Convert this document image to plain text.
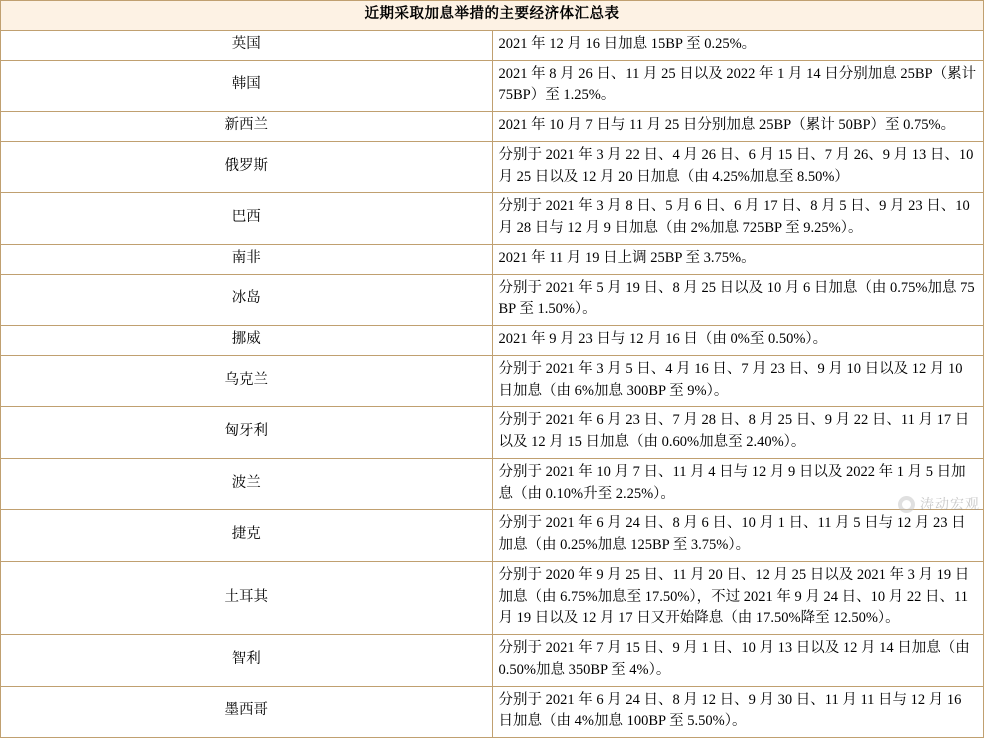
近期采取加息举措的主要经济体汇总表	
英国	2021 年 12 月 16 日加息 15BP 至 0.25%。
韩国	2021 年 8 月 26 日、11 月 25 日以及 2022 年 1 月 14 日分别加息 25BP（累计 75BP）至 1.25%。
新西兰	2021 年 10 月 7 日与 11 月 25 日分别加息 25BP（累计 50BP）至 0.75%。
俄罗斯	分别于 2021 年 3 月 22 日、4 月 26 日、6 月 15 日、7 月 26、9 月 13 日、10 月 25 日以及 12 月 20 日加息（由 4.25%加息至 8.50%）
巴西	分别于 2021 年 3 月 8 日、5 月 6 日、6 月 17 日、8 月 5 日、9 月 23 日、10 月 28 日与 12 月 9 日加息（由 2%加息 725BP 至 9.25%）。
南非	2021 年 11 月 19 日上调 25BP 至 3.75%。
冰岛	分别于 2021 年 5 月 19 日、8 月 25 日以及 10 月 6 日加息（由 0.75%加息 75BP 至 1.50%）。
挪威	2021 年 9 月 23 日与 12 月 16 日（由 0%至 0.50%）。
乌克兰	分别于 2021 年 3 月 5 日、4 月 16 日、7 月 23 日、9 月 10 日以及 12 月 10 日加息（由 6%加息 300BP 至 9%）。
匈牙利	分别于 2021 年 6 月 23 日、7 月 28 日、8 月 25 日、9 月 22 日、11 月 17 日以及 12 月 15 日加息（由 0.60%加息至 2.40%）。
波兰	分别于 2021 年 10 月 7 日、11 月 4 日与 12 月 9 日以及 2022 年 1 月 5 日加息（由 0.10%升至 2.25%）。
捷克	分别于 2021 年 6 月 24 日、8 月 6 日、10 月 1 日、11 月 5 日与 12 月 23 日加息（由 0.25%加息 125BP 至 3.75%）。
土耳其	分别于 2020 年 9 月 25 日、11 月 20 日、12 月 25 日以及 2021 年 3 月 19 日加息（由 6.75%加息至 17.50%），不过 2021 年 9 月 24 日、10 月 22 日、11 月 19 日以及 12 月 17 日又开始降息（由 17.50%降至 12.50%）。
智利	分别于 2021 年 7 月 15 日、9 月 1 日、10 月 13 日以及 12 月 14 日加息（由 0.50%加息 350BP 至 4%）。
墨西哥	分别于 2021 年 6 月 24 日、8 月 12 日、9 月 30 日、11 月 11 日与 12 月 16 日加息（由 4%加息 100BP 至 5.50%）。
涛动宏观
